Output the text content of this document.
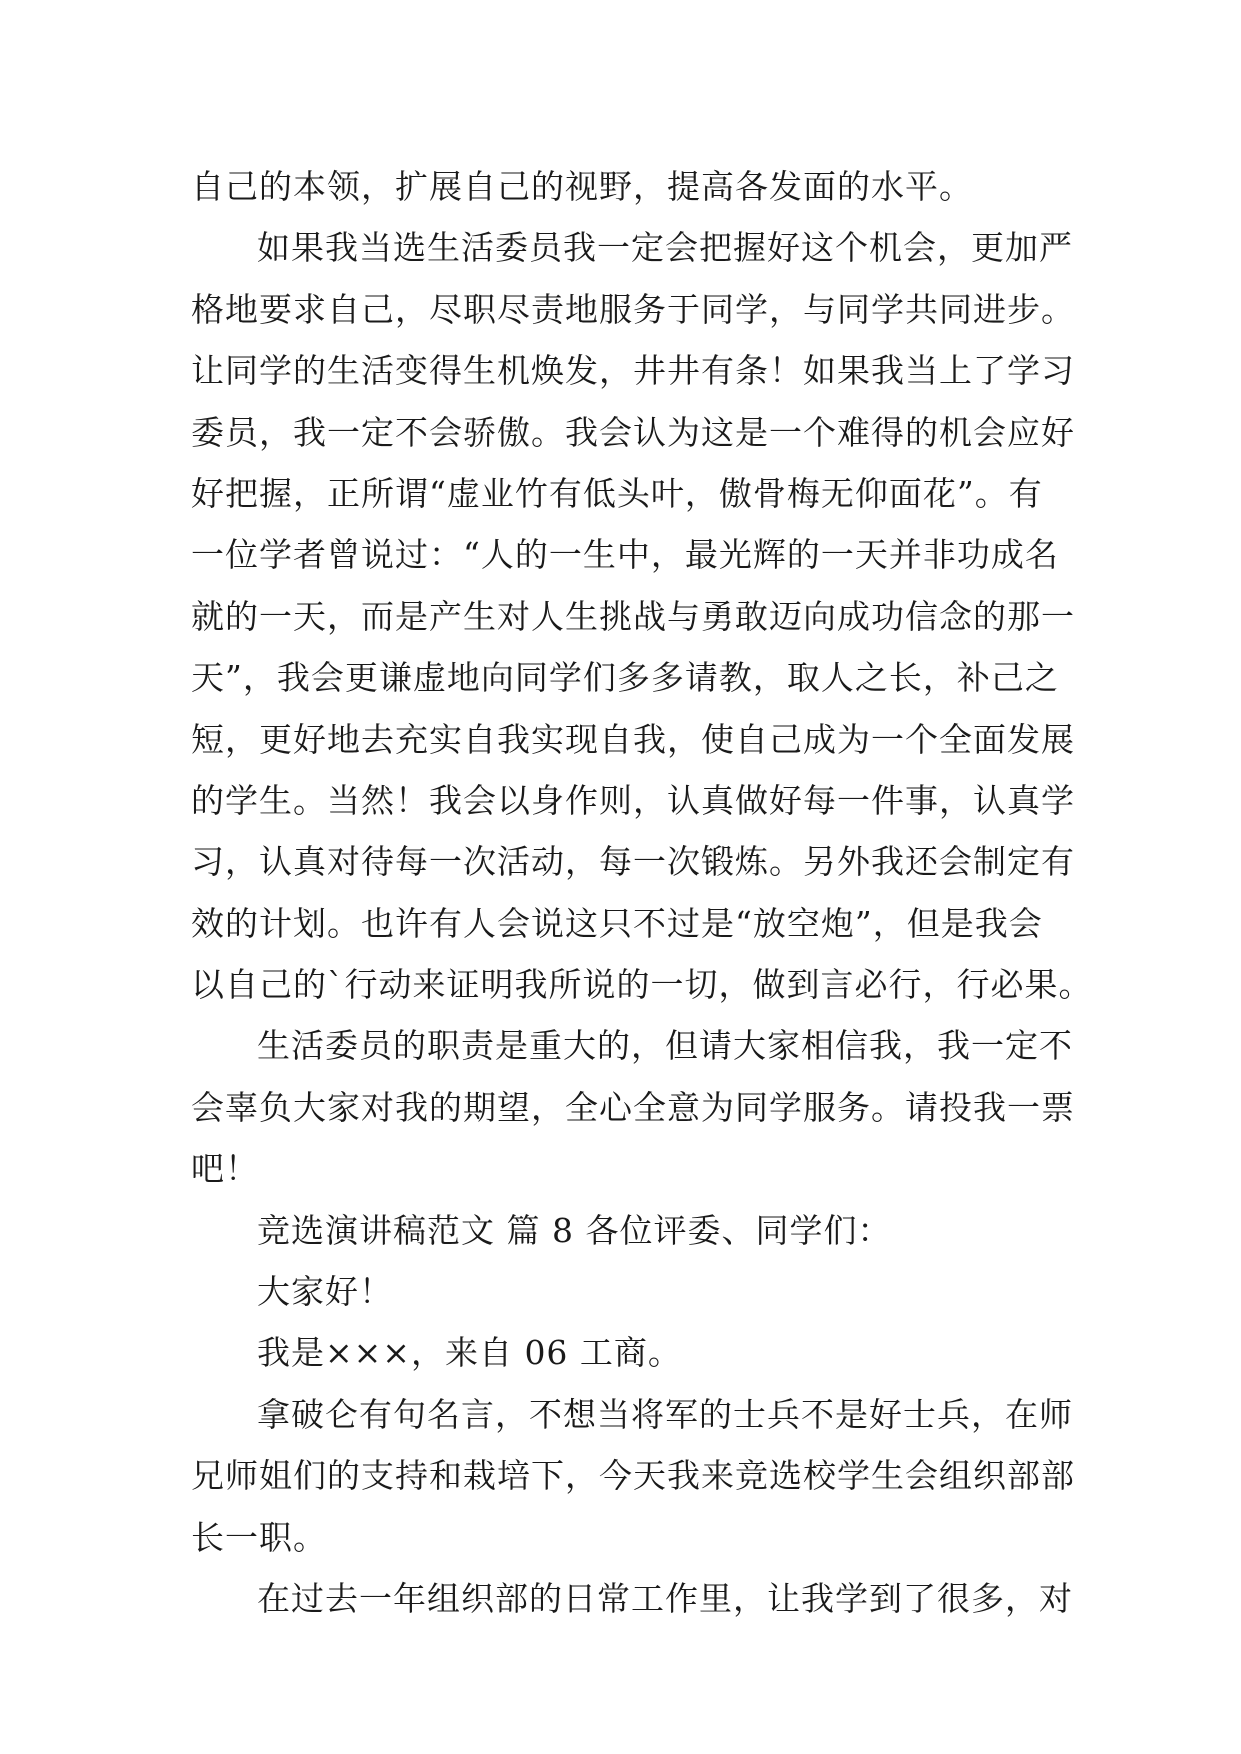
自己的本领，扩展自己的视野，提高各发面的水平。
如果我当选生活委员我一定会把握好这个机会，更加严
格地要求自己，尽职尽责地服务于同学，与同学共同进步。
让同学的生活变得生机焕发，井井有条！如果我当上了学习
委员，我一定不会骄傲。我会认为这是一个难得的机会应好
好把握，正所谓“虚业竹有低头叶，傲骨梅无仰面花”。有
一位学者曾说过：“人的一生中，最光辉的一天并非功成名
就的一天，而是产生对人生挑战与勇敢迈向成功信念的那一
天”，我会更谦虚地向同学们多多请教，取人之长，补己之
短，更好地去充实自我实现自我，使自己成为一个全面发展
的学生。当然！我会以身作则，认真做好每一件事，认真学
习，认真对待每一次活动，每一次锻炼。另外我还会制定有
效的计划。也许有人会说这只不过是“放空炮”，但是我会
以自己的`行动来证明我所说的一切，做到言必行，行必果。
生活委员的职责是重大的，但请大家相信我，我一定不
会辜负大家对我的期望，全心全意为同学服务。请投我一票
吧！
竞选演讲稿范文 篇 8 各位评委、同学们：
大家好！
我是×××，来自 06 工商。
拿破仑有句名言，不想当将军的士兵不是好士兵，在师
兄师姐们的支持和栽培下，今天我来竞选校学生会组织部部
长一职。
在过去一年组织部的日常工作里，让我学到了很多，对
